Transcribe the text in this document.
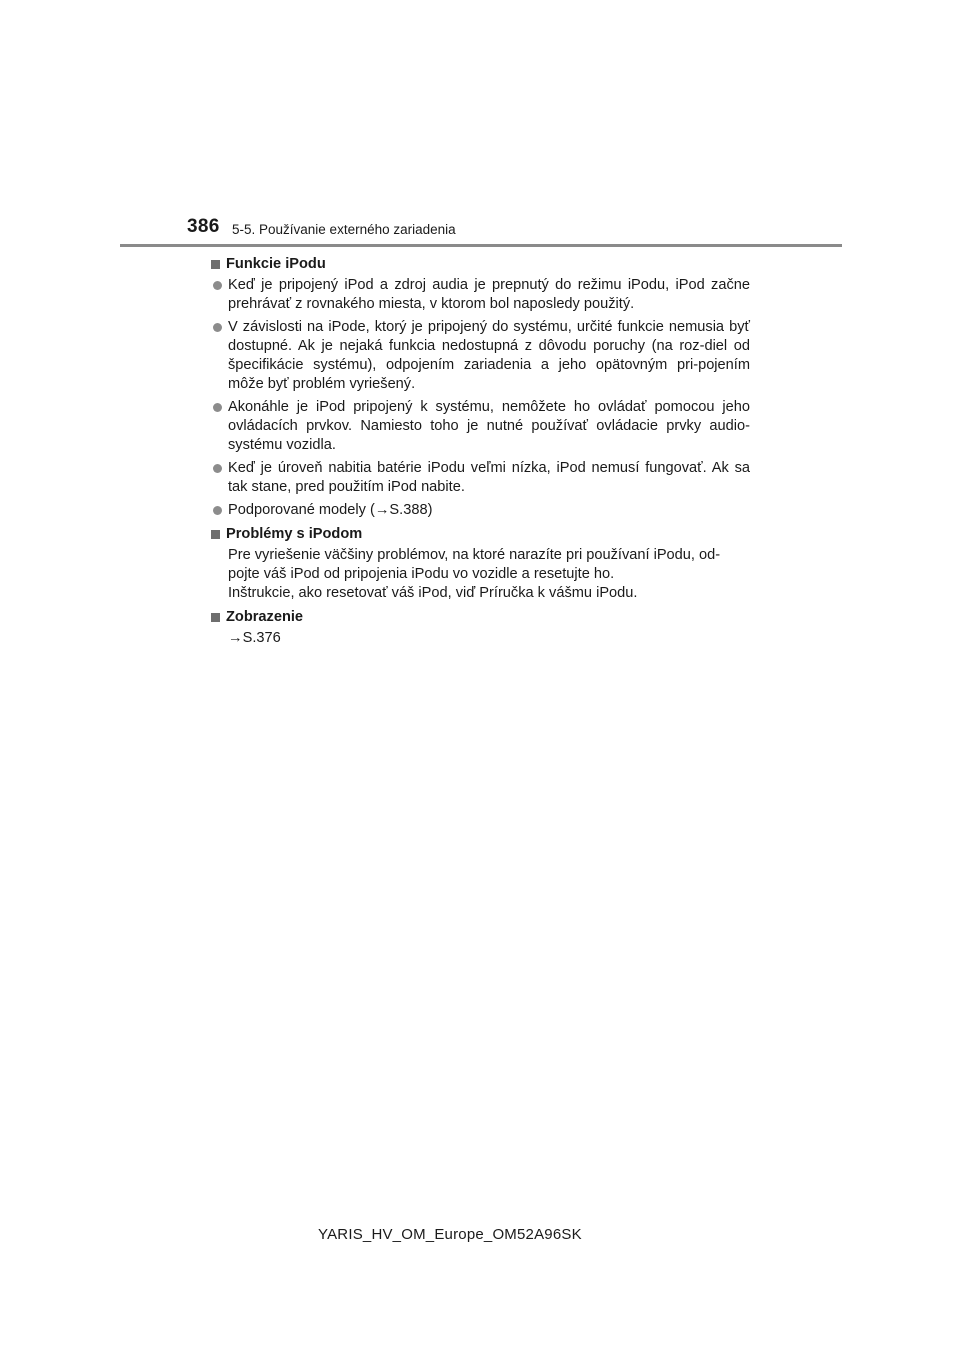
386 5-5. Používanie externého zariadenia
Funkcie iPodu
Keď je pripojený iPod a zdroj audia je prepnutý do režimu iPodu, iPod začne prehrávať z rovnakého miesta, v ktorom bol naposledy použitý.
V závislosti na iPode, ktorý je pripojený do systému, určité funkcie nemusia byť dostupné. Ak je nejaká funkcia nedostupná z dôvodu poruchy (na roz-diel od špecifikácie systému), odpojením zariadenia a jeho opätovným pri-pojením môže byť problém vyriešený.
Akonáhle je iPod pripojený k systému, nemôžete ho ovládať pomocou jeho ovládacích prvkov. Namiesto toho je nutné používať ovládacie prvky audio-systému vozidla.
Keď je úroveň nabitia batérie iPodu veľmi nízka, iPod nemusí fungovať. Ak sa tak stane, pred použitím iPod nabite.
Podporované modely (→S.388)
Problémy s iPodom
Pre vyriešenie väčšiny problémov, na ktoré narazíte pri používaní iPodu, od-
pojte váš iPod od pripojenia iPodu vo vozidle a resetujte ho.
Inštrukcie, ako resetovať váš iPod, viď Príručka k vášmu iPodu.
Zobrazenie
→S.376
YARIS_HV_OM_Europe_OM52A96SK
